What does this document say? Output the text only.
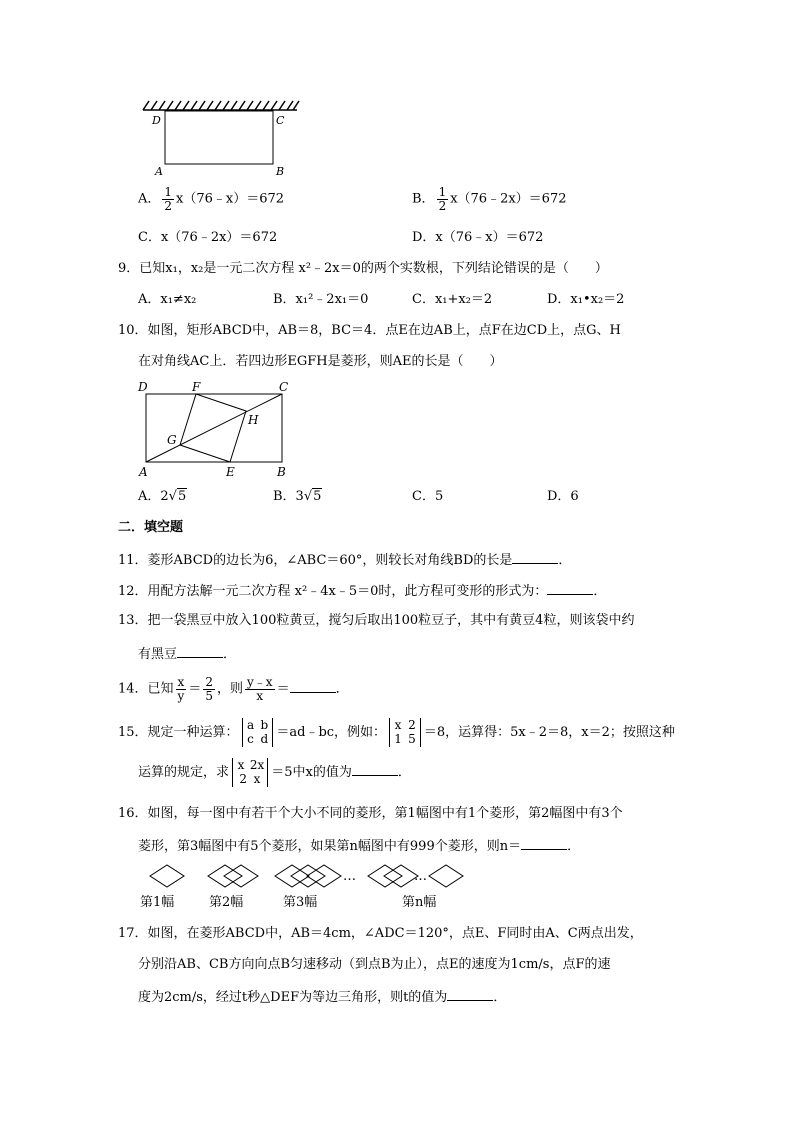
D	C
A	B
A． $\frac{1}{2}$ x（76﹣x）＝672	B． $\frac{1}{2}$ x（76﹣2x）＝672
C．x（76﹣2x）＝672	D．x（76﹣x）＝672
9．已知x₁，x₂是一元二次方程 x²﹣2x＝0的两个实数根，下列结论错误的是（　　）
A．x₁≠x₂	B．x₁²﹣2x₁＝0	C．x₁+x₂＝2	D．x₁•x₂＝2
10．如图，矩形ABCD中，AB＝8，BC＝4．点E在边AB上，点F在边CD上，点G、H
在对角线AC上．若四边形EGFH是菱形，则AE的长是（　　）
D	F	C
H
G
A	E	B
A．2√5	B．3√5	C．5	D．6
二．填空题
11．菱形ABCD的边长为6，∠ABC＝60°，则较长对角线BD的长是	．
12．用配方法解一元二次方程 x²﹣4x﹣5＝0时，此方程可变形的形式为：	．
13．把一袋黑豆中放入100粒黄豆，搅匀后取出100粒豆子，其中有黄豆4粒，则该袋中约
有黑豆	．
14．已知 $\frac{x}{y} = \frac{2}{5}$ ，则 $\frac{y﹣x}{x}$ ＝	．
15．规定一种运算： a b
c d ＝ad﹣bc，例如： x 2
1 5 ＝8，运算得：5x﹣2＝8，x＝2；按照这种
运算的规定，求 x 2x
2 x ＝5中x的值为	．
16．如图，每一图中有若干个大小不同的菱形，第1幅图中有1个菱形，第2幅图中有3个
菱形，第3幅图中有5个菱形，如果第n幅图中有999个菱形，则n＝	．
…	…
第1幅	第2幅	第3幅	第n幅
17．如图，在菱形ABCD中，AB＝4cm，∠ADC＝120°，点E、F同时由A、C两点出发，
分别沿AB、CB方向向点B匀速移动（到点B为止），点E的速度为1cm/s，点F的速
度为2cm/s，经过t秒△DEF为等边三角形，则t的值为	．
